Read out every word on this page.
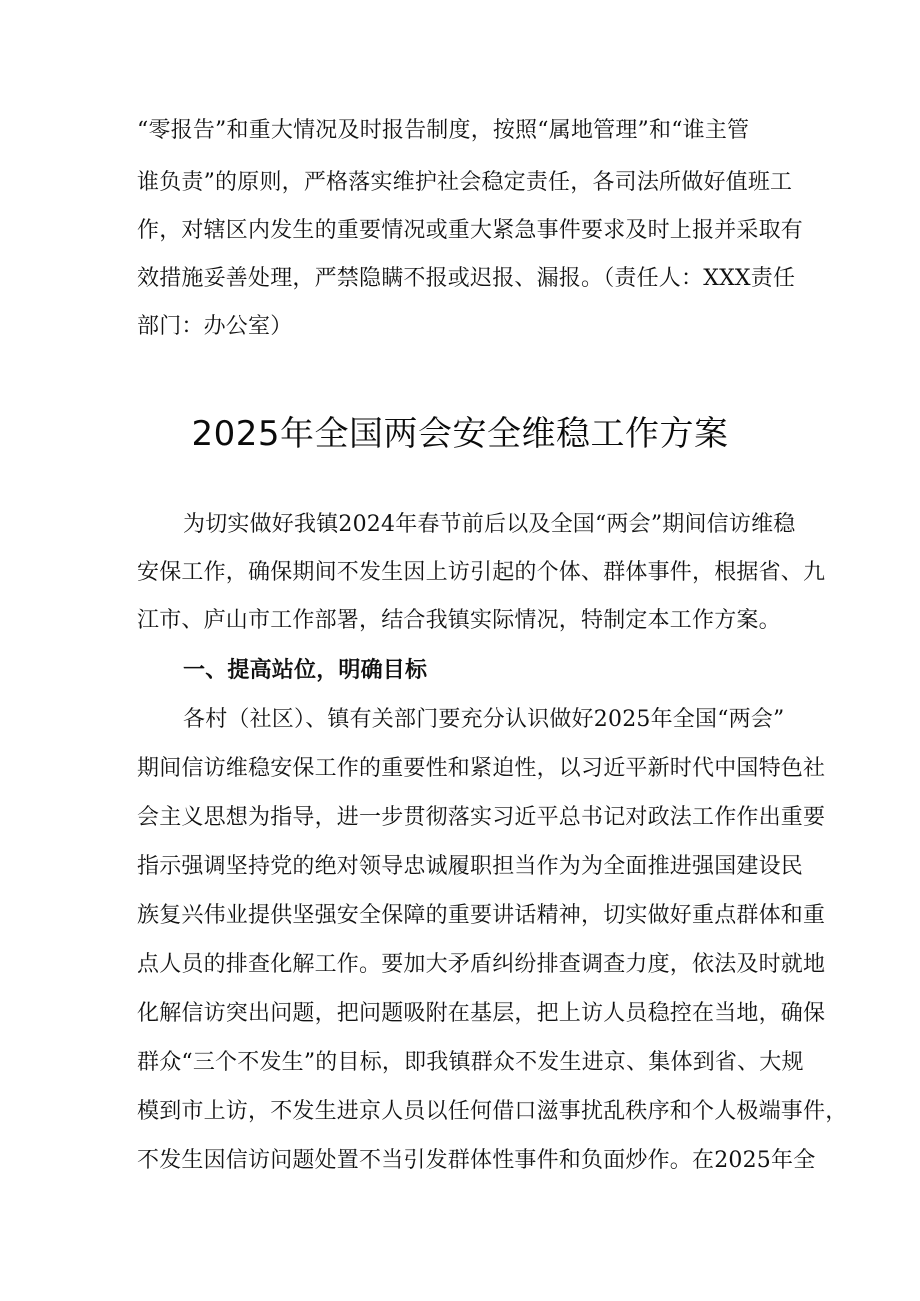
“零报告”和重大情况及时报告制度，按照“属地管理”和“谁主管
谁负责”的原则，严格落实维护社会稳定责任，各司法所做好值班工
作，对辖区内发生的重要情况或重大紧急事件要求及时上报并采取有
效措施妥善处理，严禁隐瞒不报或迟报、漏报。（责任人：XXX责任
部门：办公室）
2025年全国两会安全维稳工作方案
为切实做好我镇2024年春节前后以及全国“两会”期间信访维稳
安保工作，确保期间不发生因上访引起的个体、群体事件，根据省、九
江市、庐山市工作部署，结合我镇实际情况，特制定本工作方案。
一、提高站位，明确目标
各村（社区）、镇有关部门要充分认识做好2025年全国“两会”
期间信访维稳安保工作的重要性和紧迫性，以习近平新时代中国特色社
会主义思想为指导，进一步贯彻落实习近平总书记对政法工作作出重要
指示强调坚持党的绝对领导忠诚履职担当作为为全面推进强国建设民
族复兴伟业提供坚强安全保障的重要讲话精神，切实做好重点群体和重
点人员的排查化解工作。要加大矛盾纠纷排查调查力度，依法及时就地
化解信访突出问题，把问题吸附在基层，把上访人员稳控在当地，确保
群众“三个不发生”的目标，即我镇群众不发生进京、集体到省、大规
模到市上访，不发生进京人员以任何借口滋事扰乱秩序和个人极端事件，
不发生因信访问题处置不当引发群体性事件和负面炒作。在2025年全
